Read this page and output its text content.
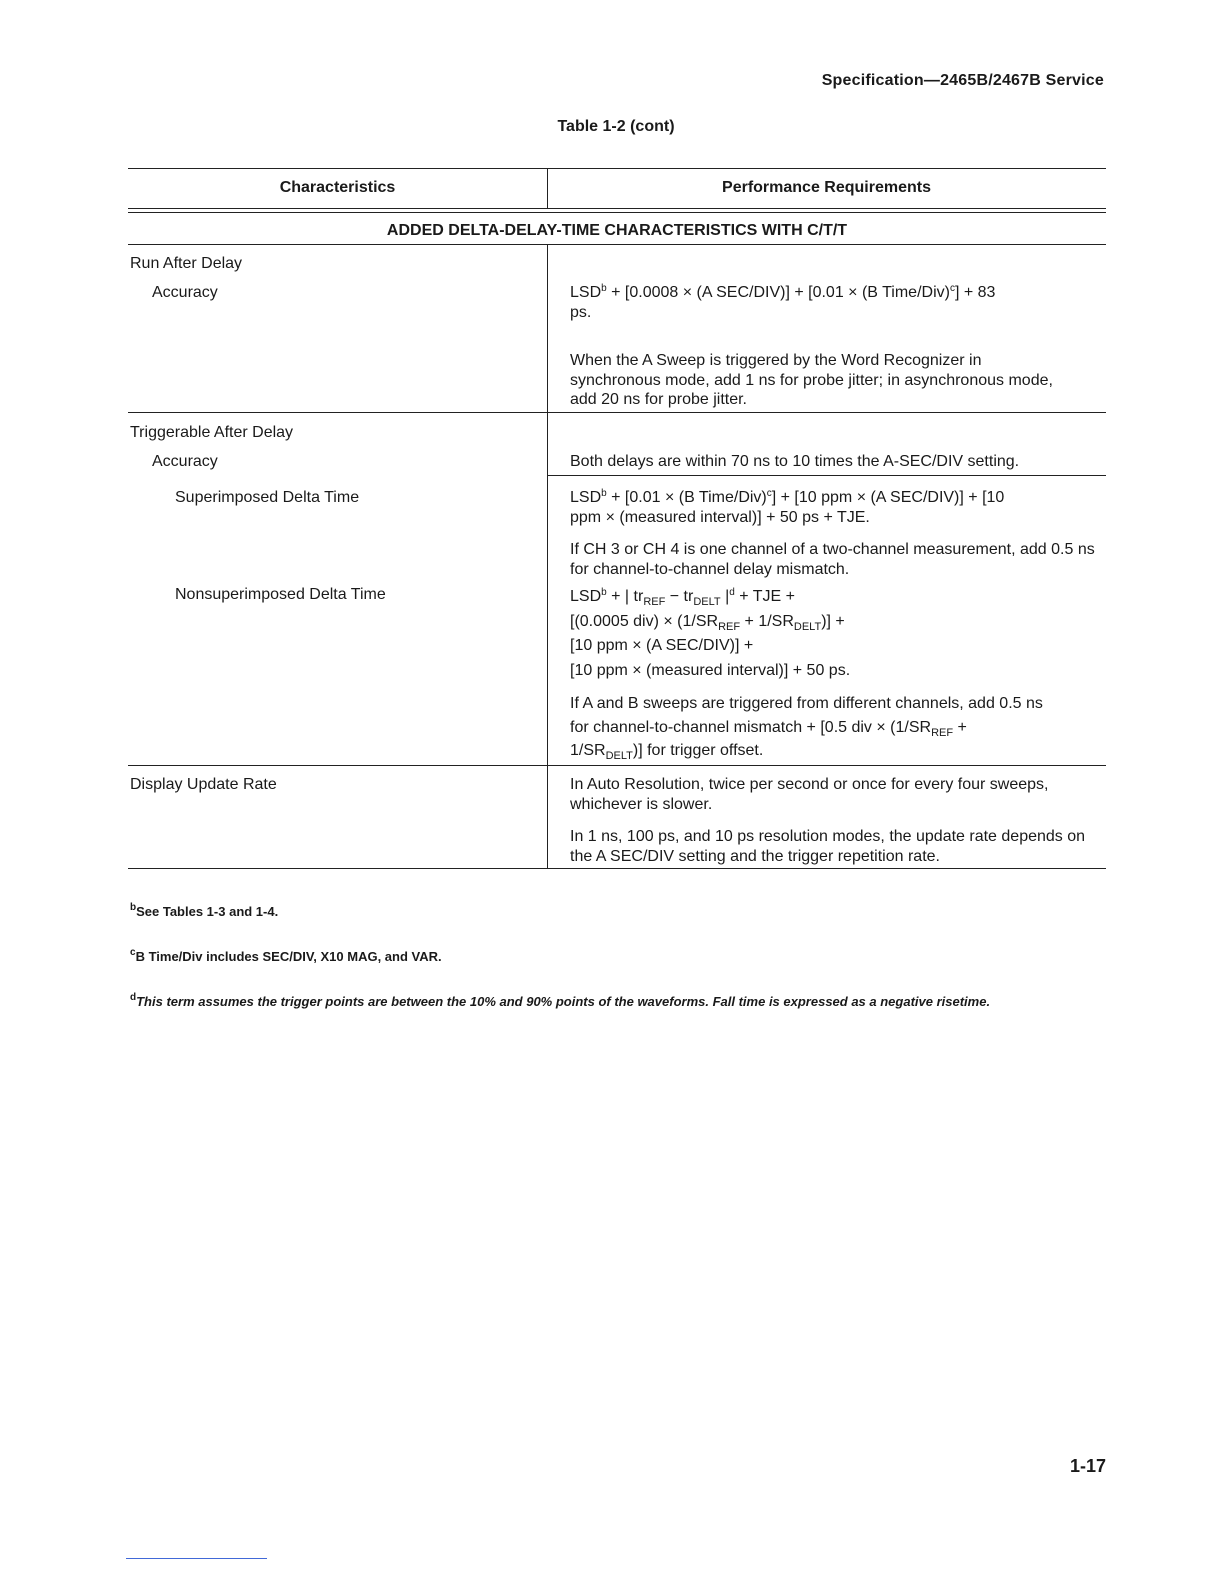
Specification—2465B/2467B Service
Table 1-2 (cont)
Characteristics	Performance Requirements
ADDED DELTA-DELAY-TIME CHARACTERISTICS WITH C/T/T
Run After Delay
Accuracy	$LSD^b + [0.0008 \times (A$ SEC/DIV)] + [0.01 × (B Time/Div)$^c$] + 83
ps.
When the A Sweep is triggered by the Word Recognizer in synchronous mode, add 1 ns for probe jitter; in asynchronous mode, add 20 ns for probe jitter.
Triggerable After Delay
Accuracy	Both delays are within 70 ns to 10 times the A-SEC/DIV setting.
Superimposed Delta Time	$LSD^b + [0.01 \times (B$ Time/Div)$^c$] + [10 ppm × (A SEC/DIV)] + [10
ppm × (measured interval)] + 50 ps + TJE.
If CH 3 or CH 4 is one channel of a two-channel measurement, add 0.5 ns for channel-to-channel delay mismatch.
Nonsuperimposed Delta Time	$LSD^b$ + | $tr_{REF} - tr_{DELT}$ $|^d$ + TJE +
[(0.0005 $div) \times (1/SR_{REF} + 1/SR_{DELT})$] +
[10 ppm × (A SEC/DIV)] +
[10 ppm × (measured interval)] + 50 ps.
If A and B sweeps are triggered from different channels, add 0.5 ns
for channel-to-channel mismatch + [0.5 div × ($1/SR_{REF}$ +
$1/SR_{DELT}$)] for trigger offset.
Display Update Rate	In Auto Resolution, twice per second or once for every four sweeps, whichever is slower.
In 1 ns, 100 ps, and 10 ps resolution modes, the update rate depends on the A SEC/DIV setting and the trigger repetition rate.
$^b$See Tables 1-3 and 1-4.
$^c$B Time/Div includes SEC/DIV, X10 MAG, and VAR.
$^d$This term assumes the trigger points are between the 10% and 90% points of the waveforms. Fall time is expressed as a negative risetime.
1-17
